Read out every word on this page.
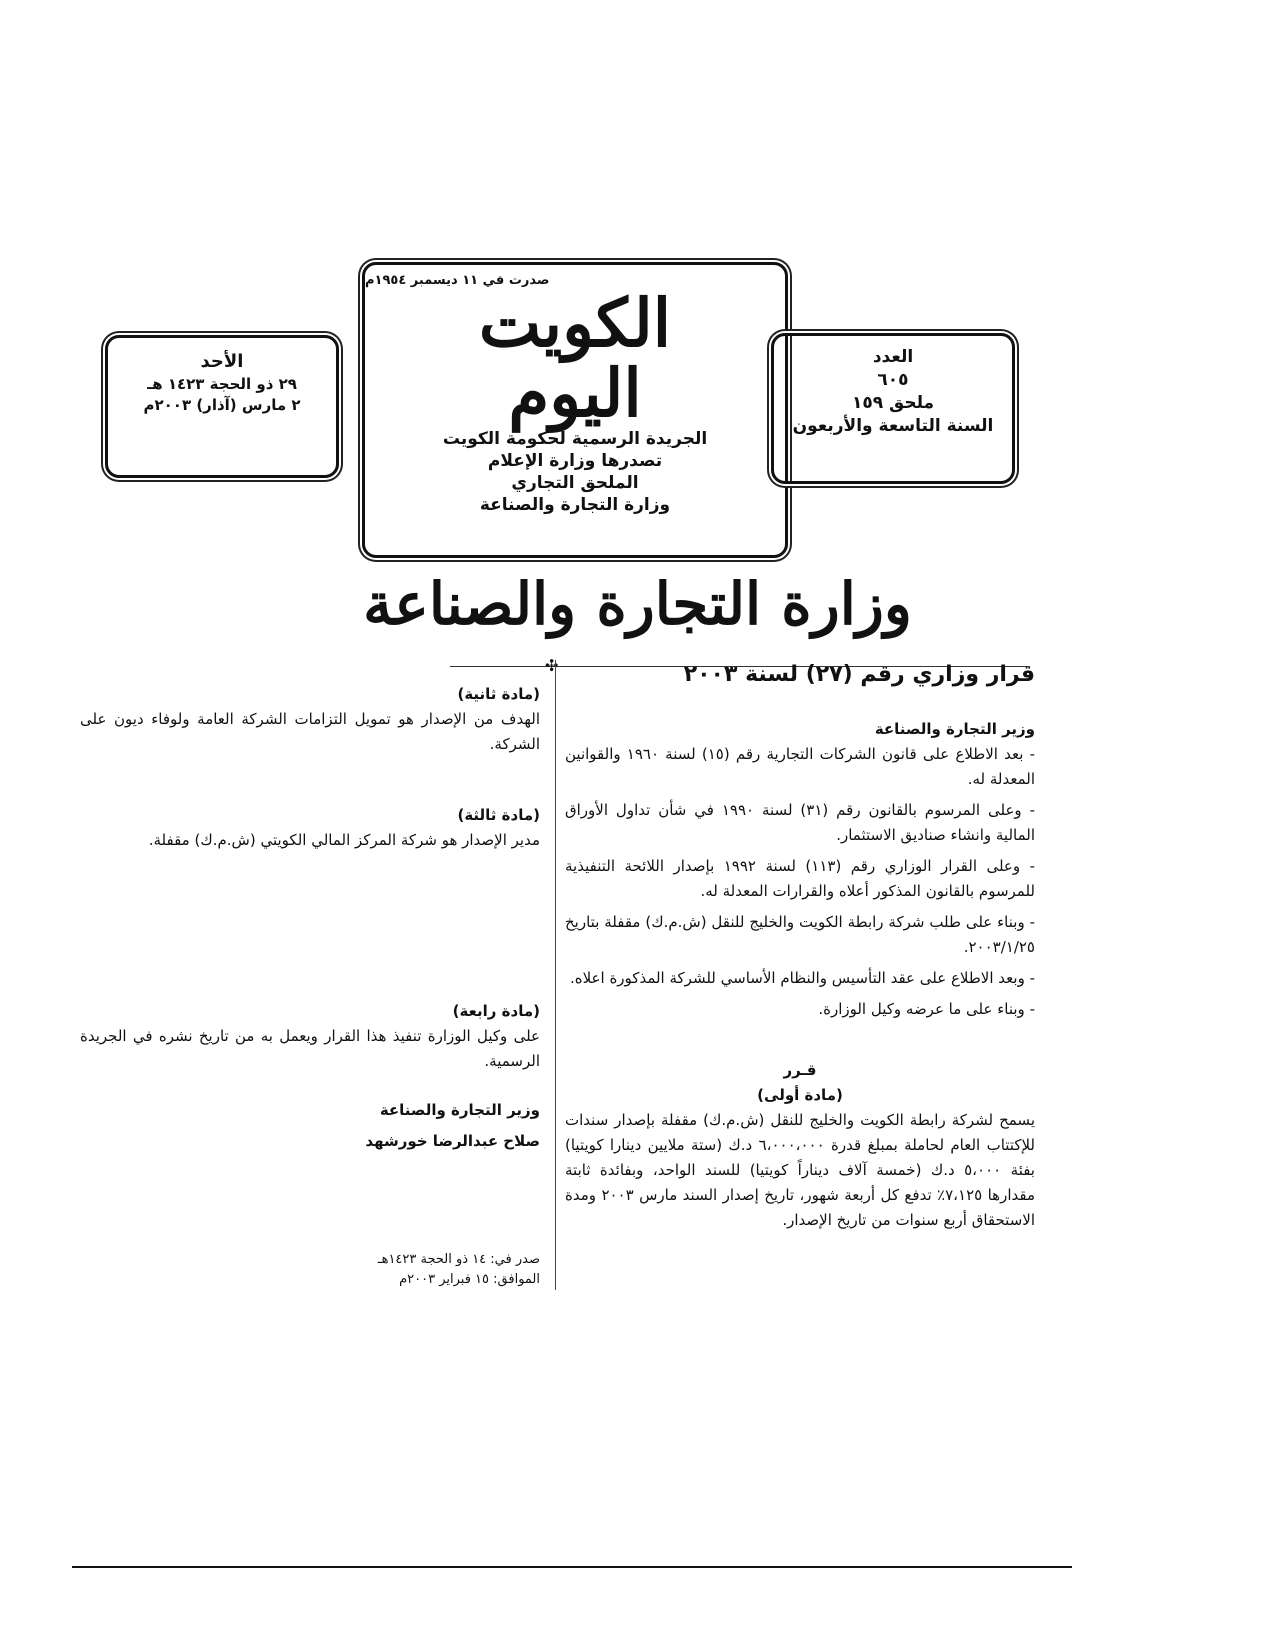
صدرت في ١١ ديسمبر ١٩٥٤م
الكويت
اليوم
الجريدة الرسمية لحكومة الكويت
تصدرها وزارة الإعلام
الملحق التجاري
وزارة التجارة والصناعة
العدد
٦٠٥
ملحق ١٥٩
السنة التاسعة والأربعون
الأحد
٢٩ ذو الحجة ١٤٢٣ هـ
٢ مارس (آذار) ٢٠٠٣م
وزارة التجارة والصناعة
✣	قرار وزاري رقم (٢٧) لسنة ٢٠٠٣

وزير التجارة والصناعة

- بعد الاطلاع على قانون الشركات التجارية رقم (١٥) لسنة ١٩٦٠ والقوانين المعدلة له.

- وعلى المرسوم بالقانون رقم (٣١) لسنة ١٩٩٠ في شأن تداول الأوراق المالية وانشاء صناديق الاستثمار.

- وعلى القرار الوزاري رقم (١١٣) لسنة ١٩٩٢ بإصدار اللائحة التنفيذية للمرسوم بالقانون المذكور أعلاه والقرارات المعدلة له.

- وبناء على طلب شركة رابطة الكويت والخليج للنقل (ش.م.ك) مقفلة بتاريخ ٢٠٠٣/١/٢٥.

- وبعد الاطلاع على عقد التأسيس والنظام الأساسي للشركة المذكورة اعلاه.

- وبناء على ما عرضه وكيل الوزارة.

قـرر

(مادة أولى)

يسمح لشركة رابطة الكويت والخليج للنقل (ش.م.ك) مقفلة بإصدار سندات للإكتتاب العام لحاملة بمبلغ قدرة ٦،٠٠٠،٠٠٠ د.ك (ستة ملايين دينارا كويتيا) بفئة ٥،٠٠٠ د.ك (خمسة آلاف ديناراً كويتيا) للسند الواحد، وبفائدة ثابتة مقدارها ٧،١٢٥٪ تدفع كل أربعة شهور، تاريخ إصدار السند مارس ٢٠٠٣ ومدة الاستحقاق أربع سنوات من تاريخ الإصدار.

(مادة ثانية)

الهدف من الإصدار هو تمويل التزامات الشركة العامة ولوفاء ديون على الشركة.

(مادة ثالثة)

مدير الإصدار هو شركة المركز المالي الكويتي (ش.م.ك) مقفلة.

(مادة رابعة)

على وكيل الوزارة تنفيذ هذا القرار ويعمل به من تاريخ نشره في الجريدة الرسمية.

وزير التجارة والصناعة

صلاح عبدالرضا خورشهد

صدر في: ١٤ ذو الحجة ١٤٢٣هـ
الموافق: ١٥ فبراير ٢٠٠٣م
